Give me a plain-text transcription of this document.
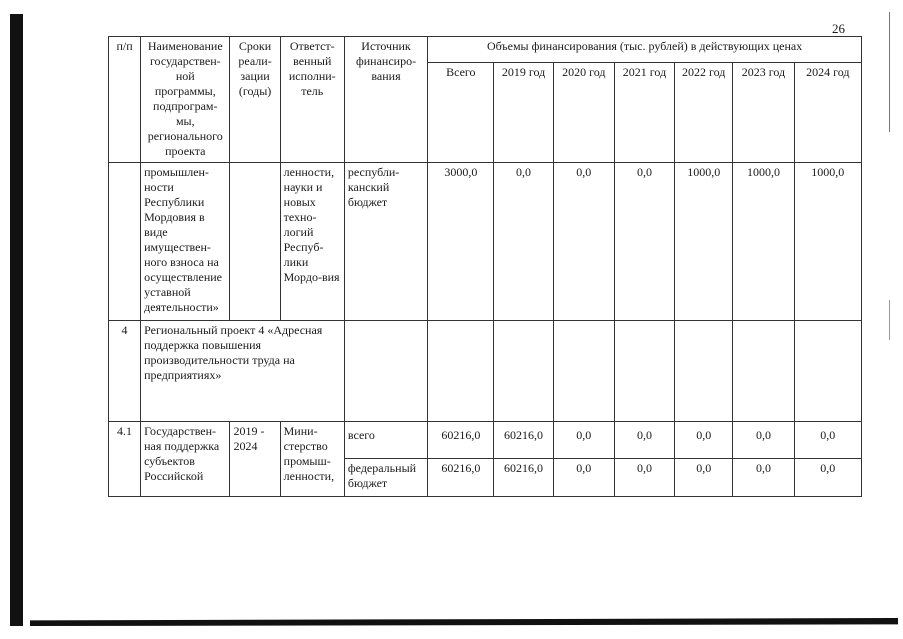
26
п/п	Наименование государствен-ной программы, подпрограм-мы, регионального проекта	Сроки реали-зации (годы)	Ответст-венный исполни-тель	Источник финансиро-вания	Объемы финансирования (тыс. рублей) в действующих ценах						
					Всего	2019 год	2020 год	2021 год	2022 год	2023 год	2024 год
	промышлен-ности Республики Мордовия в виде имуществен-ного взноса на осуществление уставной деятельности»		ленности, науки и новых техно-логий Респуб-лики Мордо-вия	республи-канский бюджет	3000,0	0,0	0,0	0,0	1000,0	1000,0	1000,0
4	Региональный проект 4 «Адресная поддержка повышения производительности труда на предприятиях»										
4.1	Государствен-ная поддержка субъектов Российской	2019 - 2024	Мини-стерство промыш-ленности,	всего	60216,0	60216,0	0,0	0,0	0,0	0,0	0,0
				федеральный бюджет	60216,0	60216,0	0,0	0,0	0,0	0,0	0,0
